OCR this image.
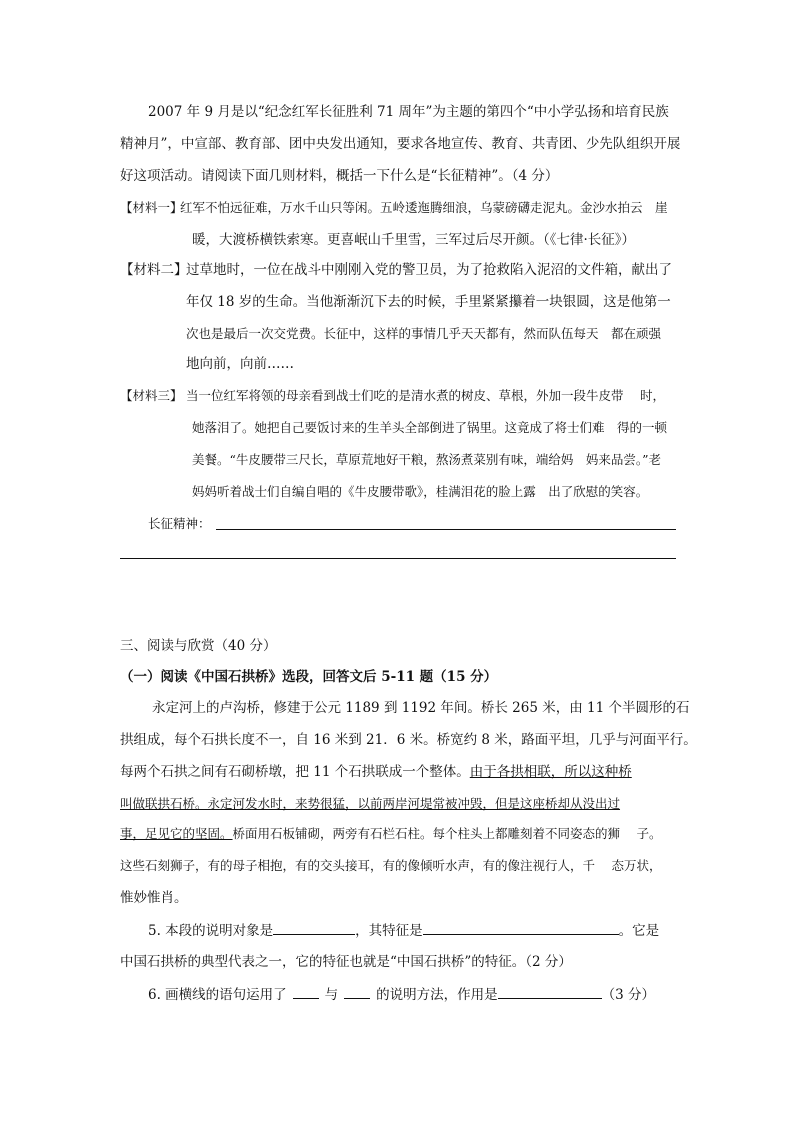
2007 年 9 月是以“纪念红军长征胜利 71 周年”为主题的第四个“中小学弘扬和培育民族
精神月”，中宣部、教育部、团中央发出通知，要求各地宣传、教育、共青团、少先队组织开展
好这项活动。请阅读下面几则材料，概括一下什么是“长征精神”。（4 分）
【材料一】
红军不怕远征难，万水千山只等闲。五岭逶迤腾细浪，乌蒙磅礴走泥丸。金沙水拍云　崖
暖，大渡桥横铁索寒。更喜岷山千里雪，三军过后尽开颜。（《七律·长征》）
【材料二】
过草地时，一位在战斗中刚刚入党的警卫员，为了抢救陷入泥沼的文件箱，献出了
年仅 18 岁的生命。当他渐渐沉下去的时候，手里紧紧攥着一块银圆，这是他第一
次也是最后一次交党费。长征中，这样的事情几乎天天都有，然而队伍每天　都在顽强
地向前，向前……
【材料三】 当一位红军将领的母亲看到战士们吃的是清水煮的树皮、草根，外加一段牛皮带　 时，
她落泪了。她把自己要饭讨来的生羊头全部倒进了锅里。这竟成了将士们难　得的一顿
美餐。“牛皮腰带三尺长，草原荒地好干粮，熬汤煮菜别有味，端给妈　妈来品尝。”老
妈妈听着战士们自编自唱的《牛皮腰带歌》，桂满泪花的脸上露　出了欣慰的笑容。
长征精神：
三、阅读与欣赏（40 分）
（一）阅读《中国石拱桥》选段，回答文后 5-11 题（15 分）
永定河上的卢沟桥，修建于公元 1189 到 1192 年间。桥长 265 米，由 11 个半圆形的石
拱组成，每个石拱长度不一，自 16 米到 21．6 米。桥宽约 8 米，路面平坦，几乎与河面平行。
每两个石拱之间有石砌桥墩，把 11 个石拱联成一个整体。由于各拱相联，所以这种桥
叫做联拱石桥。永定河发水时，来势很猛，以前两岸河堤常被冲毁，但是这座桥却从没出过
事，足见它的坚固。桥面用石板铺砌，两旁有石栏石柱。每个柱头上都雕刻着不同姿态的狮　 子。
这些石刻狮子，有的母子相抱，有的交头接耳，有的像倾听水声，有的像注视行人，千　 态万状，
惟妙惟肖。
5. 本段的说明对象是	，其特征是	。它是
中国石拱桥的典型代表之一，它的特征也就是“中国石拱桥”的特征。（2 分）
6. 画横线的语句运用了	与	的说明方法，作用是	（3 分）
